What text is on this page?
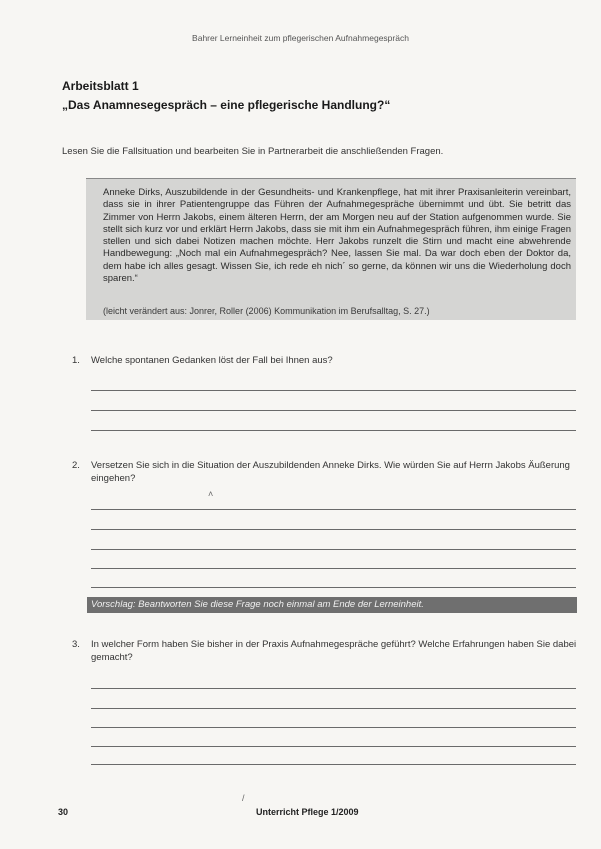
Bahrer Lerneinheit zum pflegerischen Aufnahmegespräch
Arbeitsblatt 1
„Das Anamnesegespräch – eine pflegerische Handlung?“
Lesen Sie die Fallsituation und bearbeiten Sie in Partnerarbeit die anschließenden Fragen.
Anneke Dirks, Auszubildende in der Gesundheits- und Krankenpflege, hat mit ihrer Praxisanleiterin vereinbart, dass sie in ihrer Patientengruppe das Führen der Aufnahmegespräche übernimmt und übt. Sie betritt das Zimmer von Herrn Jakobs, einem älteren Herrn, der am Morgen neu auf der Station aufgenommen wurde. Sie stellt sich kurz vor und erklärt Herrn Jakobs, dass sie mit ihm ein Aufnahmegespräch führen, ihm einige Fragen stellen und sich dabei Notizen machen möchte. Herr Jakobs runzelt die Stirn und macht eine abwehrende Handbewegung: „Noch mal ein Aufnahmegespräch? Nee, lassen Sie mal. Da war doch eben der Doktor da, dem habe ich alles gesagt. Wissen Sie, ich rede eh nich´ so gerne, da können wir uns die Wiederholung doch sparen.“
(leicht verändert aus: Jonrer, Roller (2006) Kommunikation im Berufsalltag, S. 27.)
1. Welche spontanen Gedanken löst der Fall bei Ihnen aus?
2. Versetzen Sie sich in die Situation der Auszubildenden Anneke Dirks. Wie würden Sie auf Herrn Jakobs Äußerung eingehen?
Vorschlag: Beantworten Sie diese Frage noch einmal am Ende der Lerneinheit.
3. In welcher Form haben Sie bisher in der Praxis Aufnahmegespräche geführt? Welche Erfahrungen haben Sie dabei gemacht?
30	Unterricht Pflege 1/2009
˄
/
